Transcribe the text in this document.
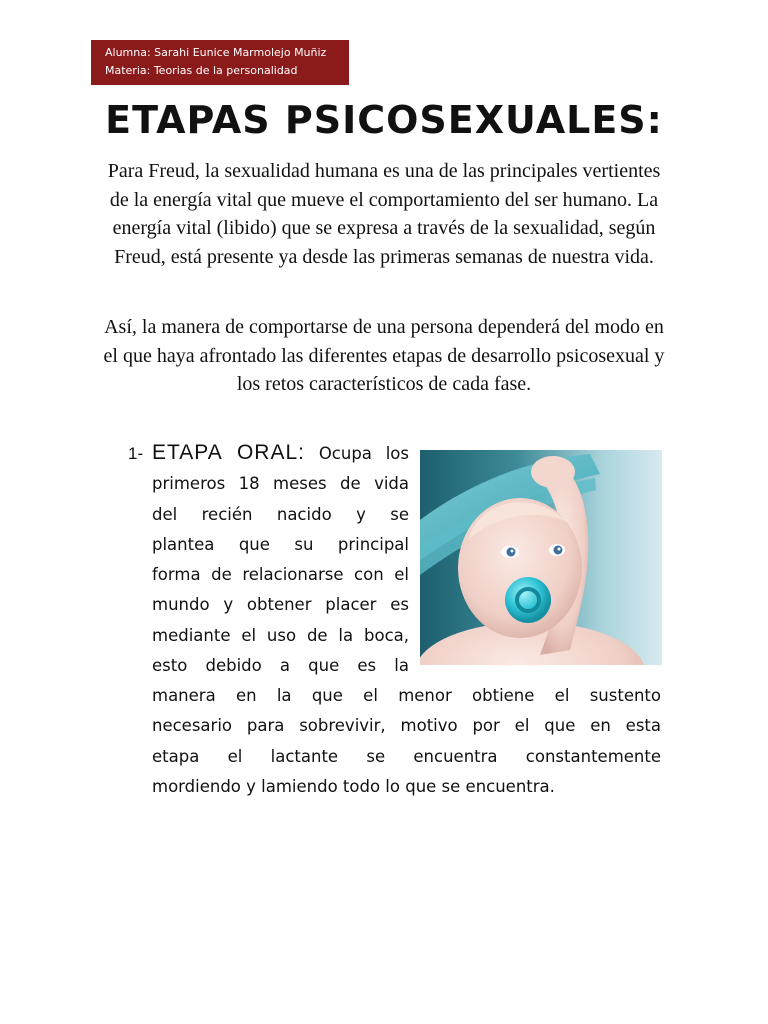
Alumna: Sarahi Eunice Marmolejo Muñiz
Materia: Teorias de la personalidad
ETAPAS PSICOSEXUALES:

Para Freud, la sexualidad humana es una de las principales vertientes de la energía vital que mueve el comportamiento del ser humano. La energía vital (libido) que se expresa a través de la sexualidad, según Freud, está presente ya desde las primeras semanas de nuestra vida.

Así, la manera de comportarse de una persona dependerá del modo en el que haya afrontado las diferentes etapas de desarrollo psicosexual y los retos característicos de cada fase.

1- ETAPA ORAL: Ocupa los
primeros 18 meses de vida
del recién nacido y se
plantea que su principal
forma de relacionarse con el
mundo y obtener placer es
mediante el uso de la boca,
esto debido a que es la
manera en la que el menor obtiene el sustento
necesario para sobrevivir, motivo por el que en esta
etapa el lactante se encuentra constantemente
mordiendo y lamiendo todo lo que se encuentra.
